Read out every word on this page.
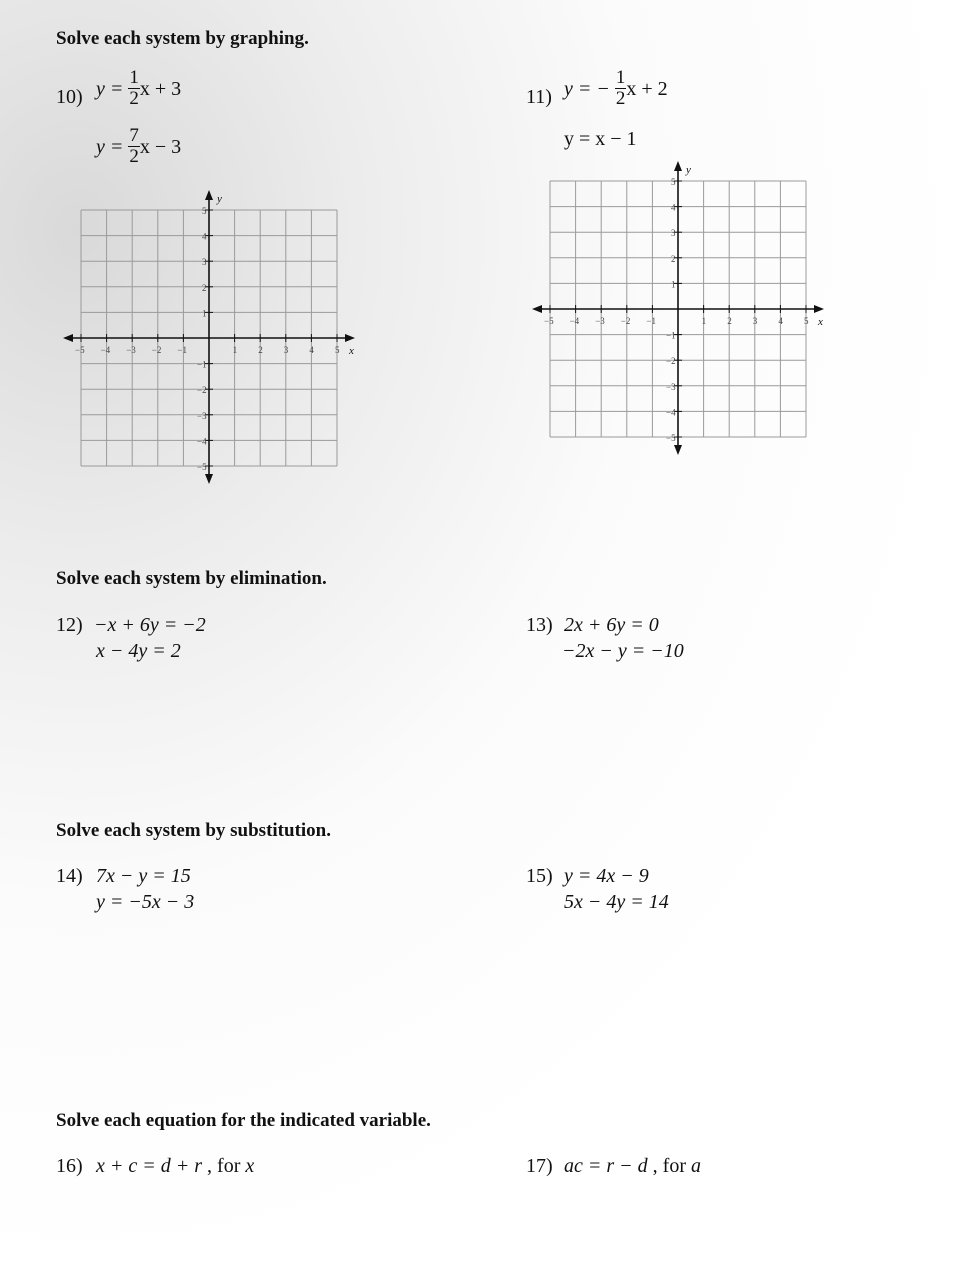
Solve each system by graphing.
10) $y = \frac{1}{2}$ x + 3
$y = \frac{7}{2}$ x − 3
11) y = − $\frac{1}{2}$ x + 2
y = x − 1
x
y
−5 −4 −3 −2 −1	1 2 3 4 5
5
4
3
2
1
−1
−2
−3
−4
−5
x
y
−5 −4 −3 −2 −1	1 2 3 4 5
5
4
3
2
1
−1
−2
−3
−4
−5
Solve each system by elimination.
12) −x + 6y = −2
x − 4y = 2
13) 2x + 6y = 0
−2x − y = −10
Solve each system by substitution.
14) 7x − y = 15
y = −5x − 3
15) y = 4x − 9
5x − 4y = 14
Solve each equation for the indicated variable.
16) x + c = d + r , for x	17) ac = r − d , for a
